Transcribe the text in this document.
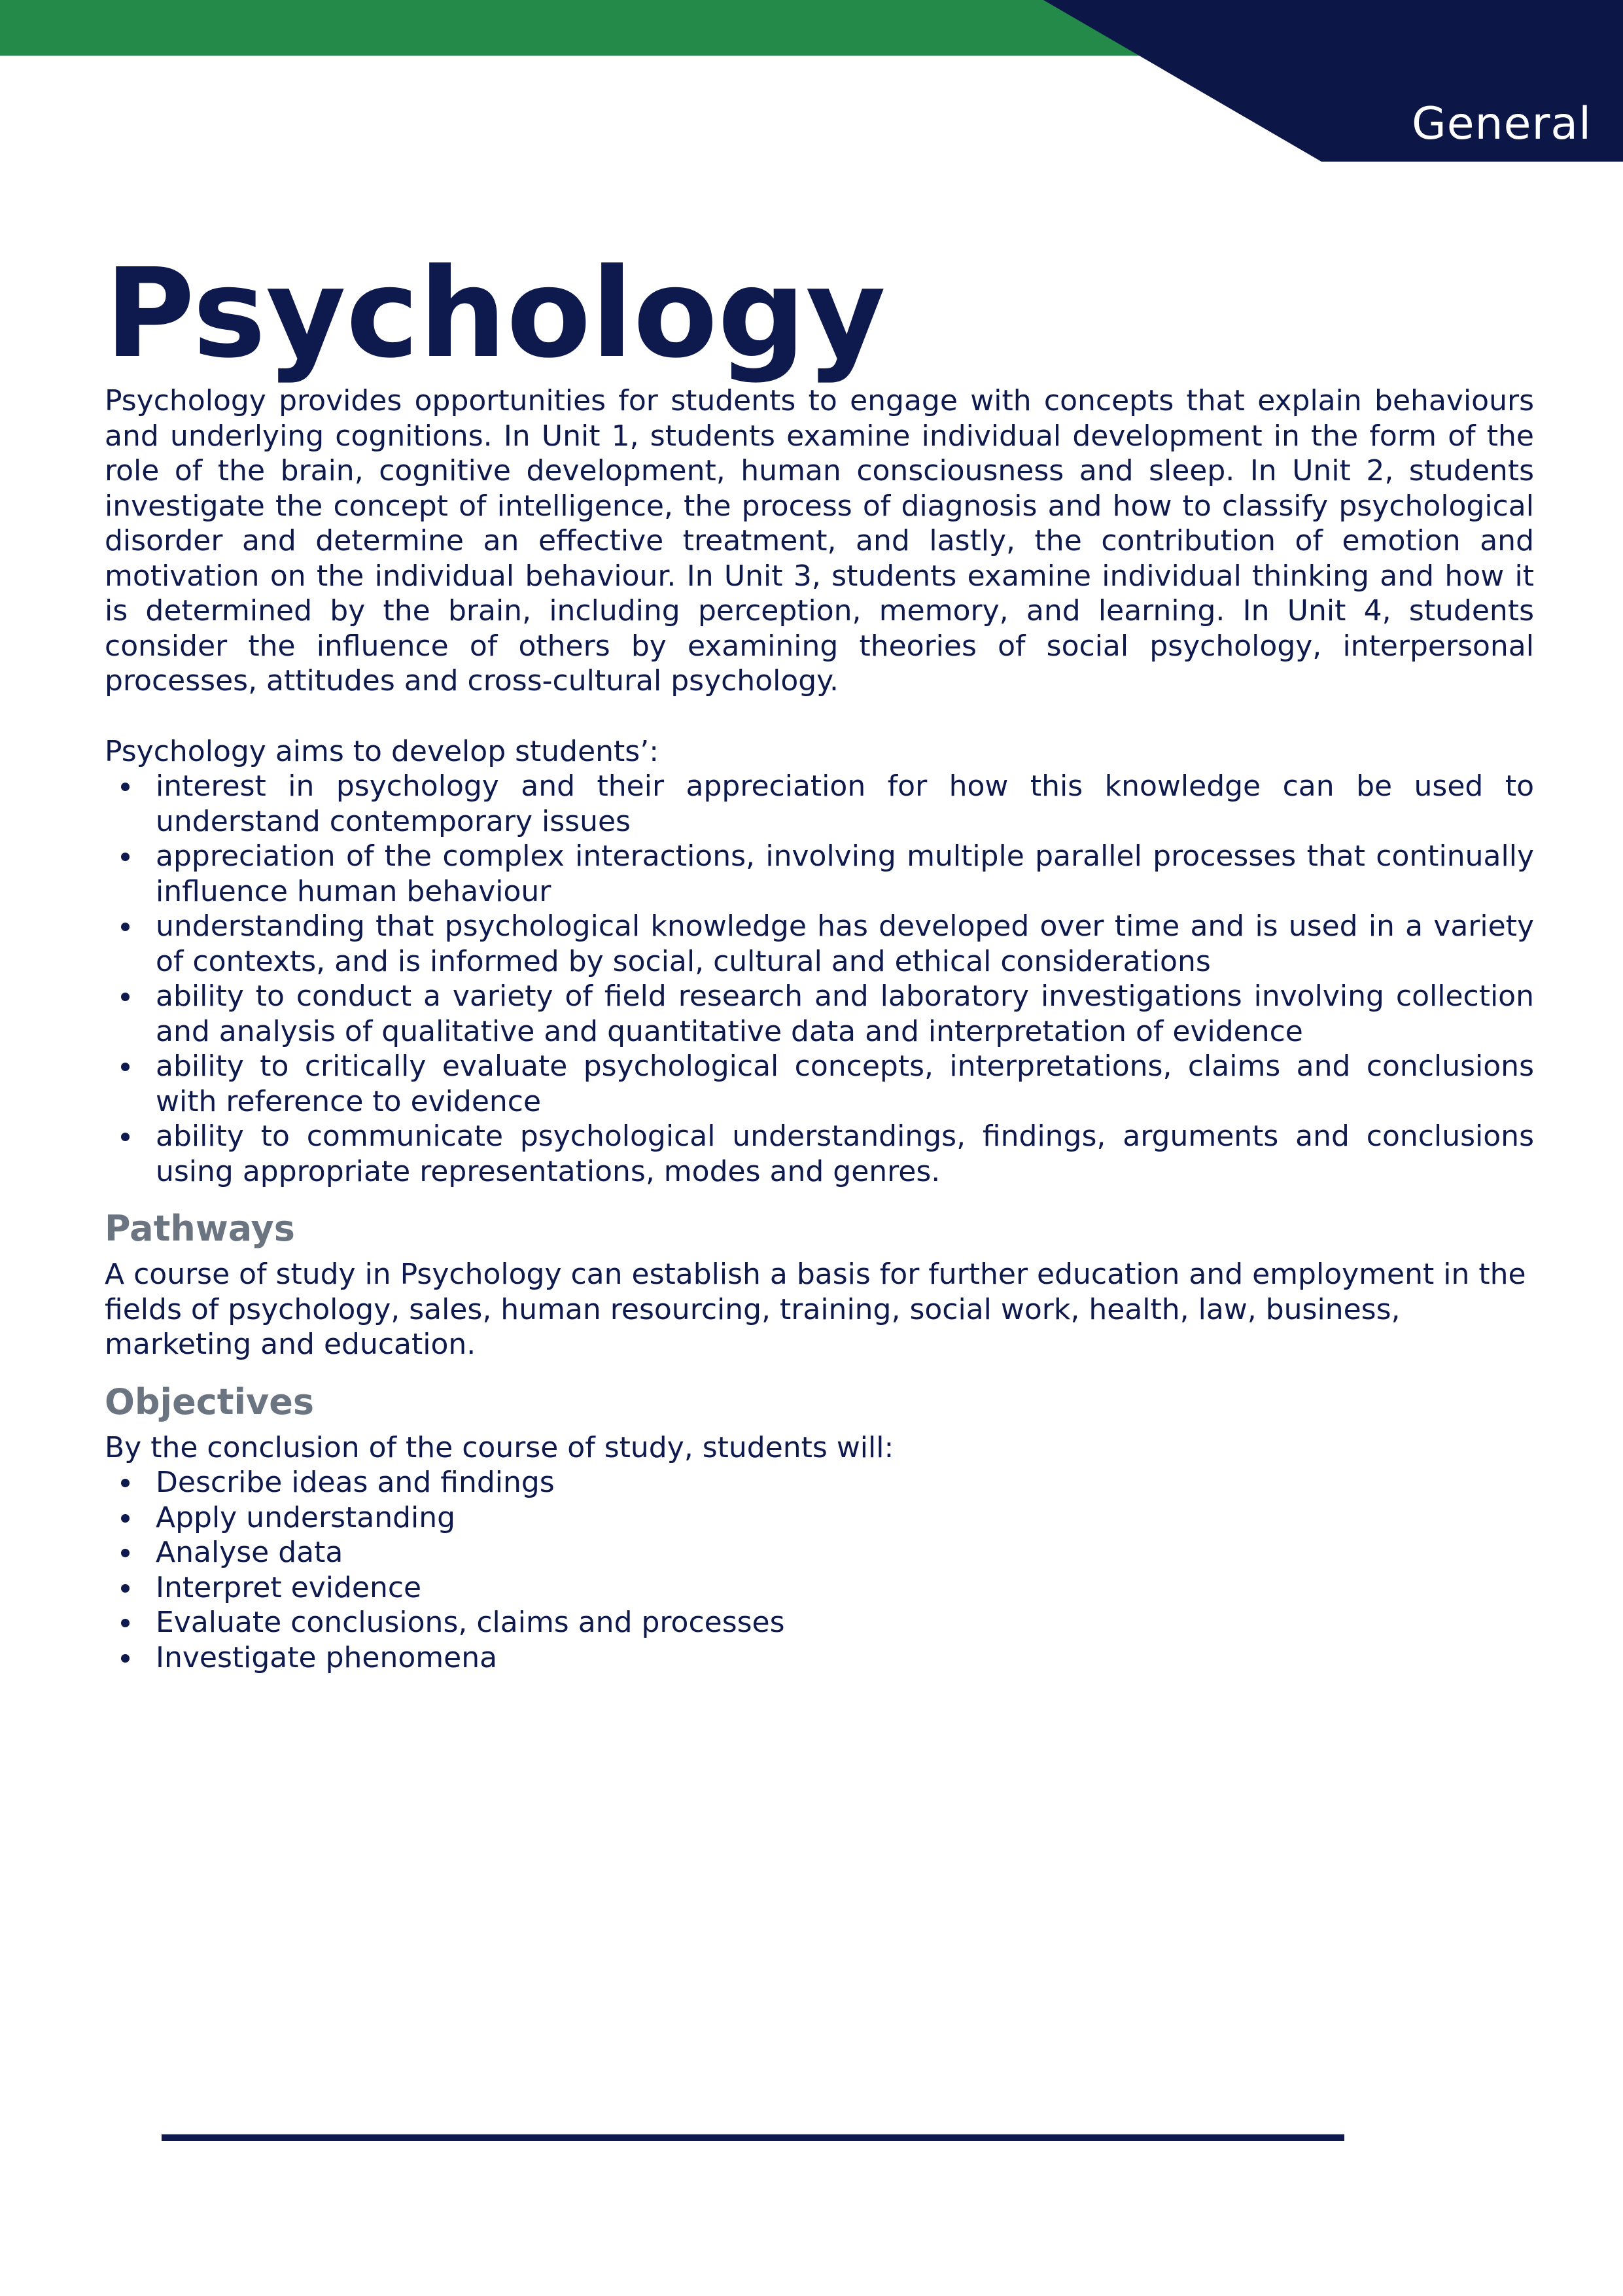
General
Psychology

Psychology provides opportunities for students to engage with concepts that explain behaviours and underlying cognitions. In Unit 1, students examine individual development in the form of the role of the brain, cognitive development, human consciousness and sleep. In Unit 2, students investigate the concept of intelligence, the process of diagnosis and how to classify psychological disorder and determine an effective treatment, and lastly, the contribution of emotion and motivation on the individual behaviour. In Unit 3, students examine individual thinking and how it is determined by the brain, including perception, memory, and learning. In Unit 4, students consider the influence of others by examining theories of social psychology, interpersonal processes, attitudes and cross-cultural psychology.

Psychology aims to develop students’:

interest in psychology and their appreciation for how this knowledge can be used to understand contemporary issues
appreciation of the complex interactions, involving multiple parallel processes that continually influence human behaviour
understanding that psychological knowledge has developed over time and is used in a variety of contexts, and is informed by social, cultural and ethical considerations
ability to conduct a variety of field research and laboratory investigations involving collection and analysis of qualitative and quantitative data and interpretation of evidence
ability to critically evaluate psychological concepts, interpretations, claims and conclusions with reference to evidence
ability to communicate psychological understandings, findings, arguments and conclusions using appropriate representations, modes and genres.
Pathways

A course of study in Psychology can establish a basis for further education and employment in the fields of psychology, sales, human resourcing, training, social work, health, law, business, marketing and education.

Objectives

By the conclusion of the course of study, students will:

Describe ideas and findings
Apply understanding
Analyse data
Interpret evidence
Evaluate conclusions, claims and processes
Investigate phenomena
